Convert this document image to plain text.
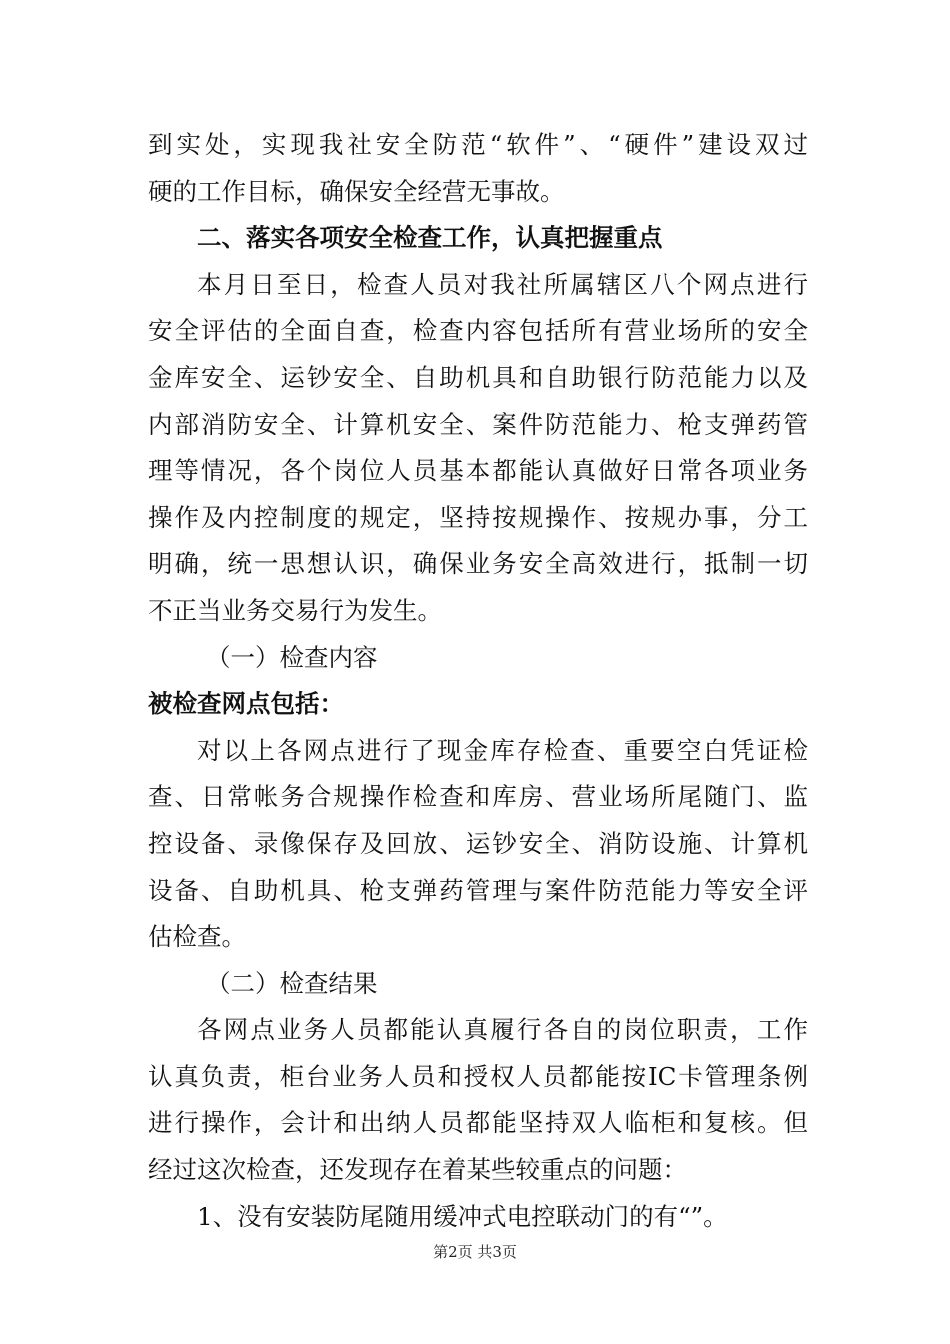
到实处，实现我社安全防范“软件”、“硬件”建设双过
硬的工作目标，确保安全经营无事故。
二、落实各项安全检查工作，认真把握重点
本月日至日，检查人员对我社所属辖区八个网点进行
安全评估的全面自查，检查内容包括所有营业场所的安全
金库安全、运钞安全、自助机具和自助银行防范能力以及
内部消防安全、计算机安全、案件防范能力、枪支弹药管
理等情况，各个岗位人员基本都能认真做好日常各项业务
操作及内控制度的规定，坚持按规操作、按规办事，分工
明确，统一思想认识，确保业务安全高效进行，抵制一切
不正当业务交易行为发生。
（一）检查内容
被检查网点包括：
对以上各网点进行了现金库存检查、重要空白凭证检
查、日常帐务合规操作检查和库房、营业场所尾随门、监
控设备、录像保存及回放、运钞安全、消防设施、计算机
设备、自助机具、枪支弹药管理与案件防范能力等安全评
估检查。
（二）检查结果
各网点业务人员都能认真履行各自的岗位职责，工作
认真负责，柜台业务人员和授权人员都能按IC卡管理条例
进行操作，会计和出纳人员都能坚持双人临柜和复核。但
经过这次检查，还发现存在着某些较重点的问题：
1、没有安装防尾随用缓冲式电控联动门的有“”。
第2页 共3页
